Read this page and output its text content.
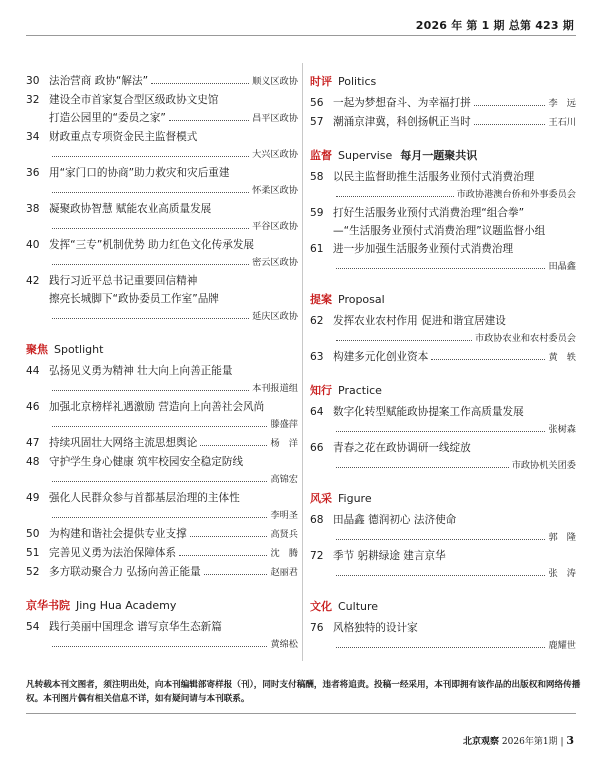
2026 年 第 1 期 总第 423 期
30 法治营商 政协“解法”	顺义区政协
32 建设全市首家复合型区级政协文史馆
打造公园里的“委员之家”	昌平区政协
34 财政重点专项资金民主监督模式
大兴区政协
36 用“家门口的协商”助力救灾和灾后重建
怀柔区政协
38 凝聚政协智慧 赋能农业高质量发展
平谷区政协
40 发挥“三专”机制优势 助力红色文化传承发展
密云区政协
42 践行习近平总书记重要回信精神
擦亮长城脚下“政协委员工作室”品牌
延庆区政协
聚焦 Spotlight
44 弘扬见义勇为精神 壮大向上向善正能量
本刊报道组
46 加强北京榜样礼遇激励 营造向上向善社会风尚
滕盛萍
47 持续巩固壮大网络主流思想舆论	杨　洋
48 守护学生身心健康 筑牢校园安全稳定防线
高锦宏
49 强化人民群众参与首都基层治理的主体性
李明圣
50 为构建和谐社会提供专业支撑	高贤兵
51 完善见义勇为法治保障体系	沈　腾
52 多方联动聚合力 弘扬向善正能量	赵丽君
京华书院 Jing Hua Academy
54 践行美丽中国理念 谱写京华生态新篇
黄绵松
时评 Politics
56 一起为梦想奋斗、为幸福打拼	李　远
57 潮涌京津冀，科创扬帆正当时	王石川
监督 Supervise 每月一题聚共识
58 以民主监督助推生活服务业预付式消费治理
市政协港澳台侨和外事委员会
59 打好生活服务业预付式消费治理“组合拳”
—“生活服务业预付式消费治理”议题监督小组
61 进一步加强生活服务业预付式消费治理
田晶鑫
提案 Proposal
62 发挥农业农村作用 促进和谐宜居建设
市政协农业和农村委员会
63 构建多元化创业资本	黄　轶
知行 Practice
64 数字化转型赋能政协提案工作高质量发展
张树森
66 青春之花在政协调研一线绽放
市政协机关团委
风采 Figure
68 田晶鑫 德润初心 法济使命
郭　隆
72 季节 躬耕绿途 建言京华
张　涛
文化 Culture
76 风格独特的设计家
鹿耀世
凡转载本刊文图者，须注明出处，向本刊编辑部寄样报（刊），同时支付稿酬，违者将追责。投稿一经采用，本刊即拥有该作品的出版权和网络传播权。本刊图片偶有相关信息不详，如有疑问请与本刊联系。
北京观察 2026年第1期 | 3
